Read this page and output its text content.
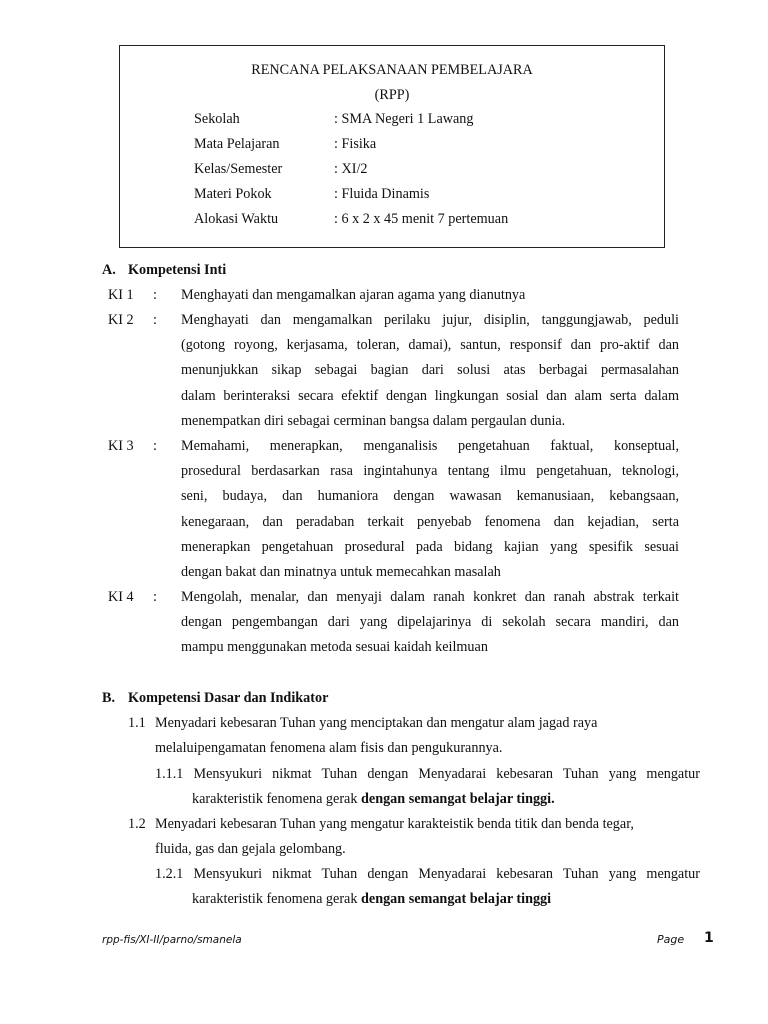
RENCANA PELAKSANAAN PEMBELAJARA
(RPP)
Sekolah	: SMA Negeri 1 Lawang
Mata Pelajaran	: Fisika
Kelas/Semester	: XI/2
Materi Pokok	: Fluida Dinamis
Alokasi Waktu	: 6 x 2 x 45 menit 7 pertemuan
A. Kompetensi Inti
KI 1 : Menghayati dan mengamalkan ajaran agama yang dianutnya
KI 2 : Menghayati dan mengamalkan perilaku jujur, disiplin, tanggungjawab, peduli
(gotong royong, kerjasama, toleran, damai), santun, responsif dan pro-aktif dan
menunjukkan sikap sebagai bagian dari solusi atas berbagai permasalahan
dalam berinteraksi secara efektif dengan lingkungan sosial dan alam serta dalam
menempatkan diri sebagai cerminan bangsa dalam pergaulan dunia.
KI 3 : Memahami, menerapkan, menganalisis pengetahuan faktual, konseptual,
prosedural berdasarkan rasa ingintahunya tentang ilmu pengetahuan, teknologi,
seni, budaya, dan humaniora dengan wawasan kemanusiaan, kebangsaan,
kenegaraan, dan peradaban terkait penyebab fenomena dan kejadian, serta
menerapkan pengetahuan prosedural pada bidang kajian yang spesifik sesuai
dengan bakat dan minatnya untuk memecahkan masalah
KI 4 : Mengolah, menalar, dan menyaji dalam ranah konkret dan ranah abstrak terkait
dengan pengembangan dari yang dipelajarinya di sekolah secara mandiri, dan
mampu menggunakan metoda sesuai kaidah keilmuan
B. Kompetensi Dasar dan Indikator
1.1 Menyadari kebesaran Tuhan yang menciptakan dan mengatur alam jagad raya
melaluipengamatan fenomena alam fisis dan pengukurannya.
1.1.1 Mensyukuri nikmat Tuhan dengan Menyadarai kebesaran Tuhan yang mengatur
karakteristik fenomena gerak dengan semangat belajar tinggi.
1.2 Menyadari kebesaran Tuhan yang mengatur karakteistik benda titik dan benda tegar,
fluida, gas dan gejala gelombang.
1.2.1 Mensyukuri nikmat Tuhan dengan Menyadarai kebesaran Tuhan yang mengatur
karakteristik fenomena gerak dengan semangat belajar tinggi
rpp-fis/XI-II/parno/smanela	Page 1
